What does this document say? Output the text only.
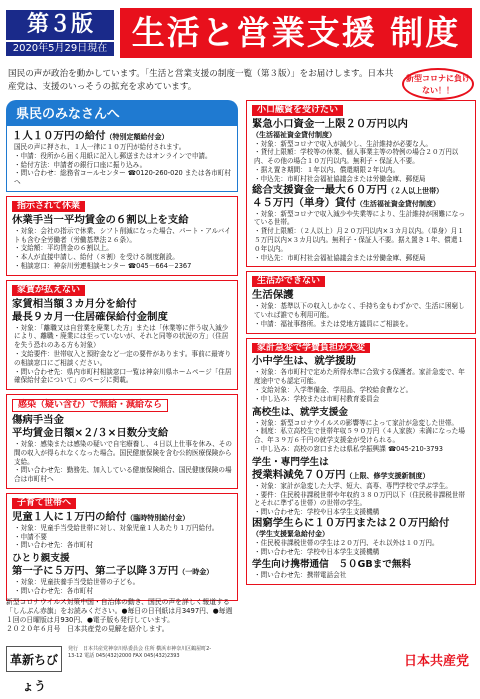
第３版
2020年5月29日現在 生活と営業支援 制度一覧
国民の声が政治を動かしています。「生活と営業支援の制度一覧（第３版）」をお届けします。日本共産党は、支援のいっそうの拡充を求めています。
新型コロナに負けない！！
県民のみなさんへ
１人１０万円の給付（特別定額給付金）
国民の声に押され、１人一律に１０万円が給付されます。
・申請：役所から届く用紙に記入し郵送またはオンラインで申請。
・給付方法：申請者の銀行口座に振り込み。
・問い合わせ：総務省コールセンター ☎0120-260-020 または各市町村へ
指示されて休業
休業手当一平均賃金の６割以上を支給
・対象：会社の指示で休業、シフト削減になった場合、パート・アルバイトも含む全労働者（労働基準法２６条）。
・支給額：平均賃金の６割以上。
・本人が直接申請し、給付（８割）を受ける制度創設。
・相談窓口：神奈川労連相談センター ☎045－664－2367
家賃が払えない
家賃相当額３カ月分を給付
最長９カ月一住居確保給付金制度
・対象：「離職又は自営業を廃業した方」または「休業等に伴う収入減少により、離職・廃業には至っていないが、それと同等の状況の方」（住居を失う恐れのある方も対象）
・支給要件：世帯収入と預貯金など一定の要件があります。事前に最寄りの相談窓口にご相談ください。
・問い合わせ先：県内市町村相談窓口一覧は神奈川県ホームページ「住居確保給付金について」のページに掲載。
感染（疑い含む）で無給・減給なら
傷病手当金
平均賃金日額×２/３×日数分支給
・対象：感染または感染の疑いで自宅療養し、４日以上仕事を休み、その間の収入が得られなくなった場合。国民健康保険を含む公的医療保険から支給。
・問い合わせ先：勤務先、加入している健康保険組合、国民健康保険の場合は市町村へ
子育て世帯へ
児童１人に１万円の給付（臨時特別給付金）
・対象：児童手当受給世帯に対し、対象児童１人あたり１万円給付。
・申請不要
・問い合わせ先：各市町村
ひとり親支援
第一子に５万円、第二子以降３万円（一時金）
・対象：児童扶養手当受給世帯の子ども。
・問い合わせ先：各市町村
小口融資を受けたい
緊急小口資金一上限２０万円以内
（生活福祉資金貸付制度）
・対象：新型コロナで収入が減少し、生計維持が必要な人。
・貸付上限額：学校等の休業、個人事業主等の特例の場合２０万円以内、その他の場合１０万円以内。無利子・保証人不要。
・据え置き期間：１年以内、償還期限２年以内。
・申込先：市町村社会福祉協議会または労働金庫、郵便局
総合支援資金一最大６０万円（２人以上世帯）
４５万円（単身）貸付（生活福祉資金貸付制度）
・対象：新型コロナで収入減少や失業等により、生計維持が困難になっている世帯。
・貸付上限額：（２人以上）月２０万円以内×３カ月以内。（単身）月１５万円以内×３カ月以内。無利子・保証人不要。据え置き１年、償還１０年以内。
・申込先：市町村社会福祉協議会または労働金庫、郵便局
生活ができない
生活保護
・対象：基準以下の収入しかなく、手持ち金もわずかで、生活に困窮していれば誰でも利用可能。
・申請：福祉事務所。または党地方議員にご相談を。
家計急変で学費負担が大変
小中学生は、就学援助
・対象：各市町村で定めた所得水準に合致する保護者。家計急変で、年度途中でも認定可能。
・支給対象：入学準備金、学用品、学校給食費など。
・申し込み：学校または市町村教育委員会
高校生は、就学支援金
・対象：新型コロナウイルスの影響等によって家計が急変した世帯。
・制度：私立高校生で世帯年収５９０万円（４人家族）未満になった場合、年３９万６千円の就学支援金が受けられる。
・申し込み：高校の窓口または県私学振興課 ☎045-210-3793
学生・専門学生は
授業料減免７０万円（上限、修学支援新制度）
・対象：家計が急変した大学、短大、高専、専門学校で学ぶ学生。
・要件：住民税非課税世帯や年収約３８０万円以下（住民税非課税世帯とそれに準ずる世帯）の世帯の学生。
・問い合わせ先：学校や日本学生支援機構
困窮学生らに１０万円または２０万円給付
（学生支援緊急給付金）
・住民税非課税世帯の学生は２０万円、それ以外は１０万円。
・問い合わせ先：学校や日本学生支援機構
学生向け携帯通信　５０GBまで無料
・問い合わせ先：携帯電話会社
新型コロナウイルス対策中国・自治体の動き、国民の声を詳しく報道する「しんぶん赤旗」をお読みください。●毎日の日刊紙は月3497円、●毎週１回の日曜版は月930円、●電子版も発行しています。
２０２０年６月号　日本共産党の見解を紹介します。
革新ちびょう
発行　日本共産党神奈川県委員会 住所 横浜市神奈川区鶴屋町2-13-12 電話 045(432)2000 FAX 045(432)2393	日本共産党
